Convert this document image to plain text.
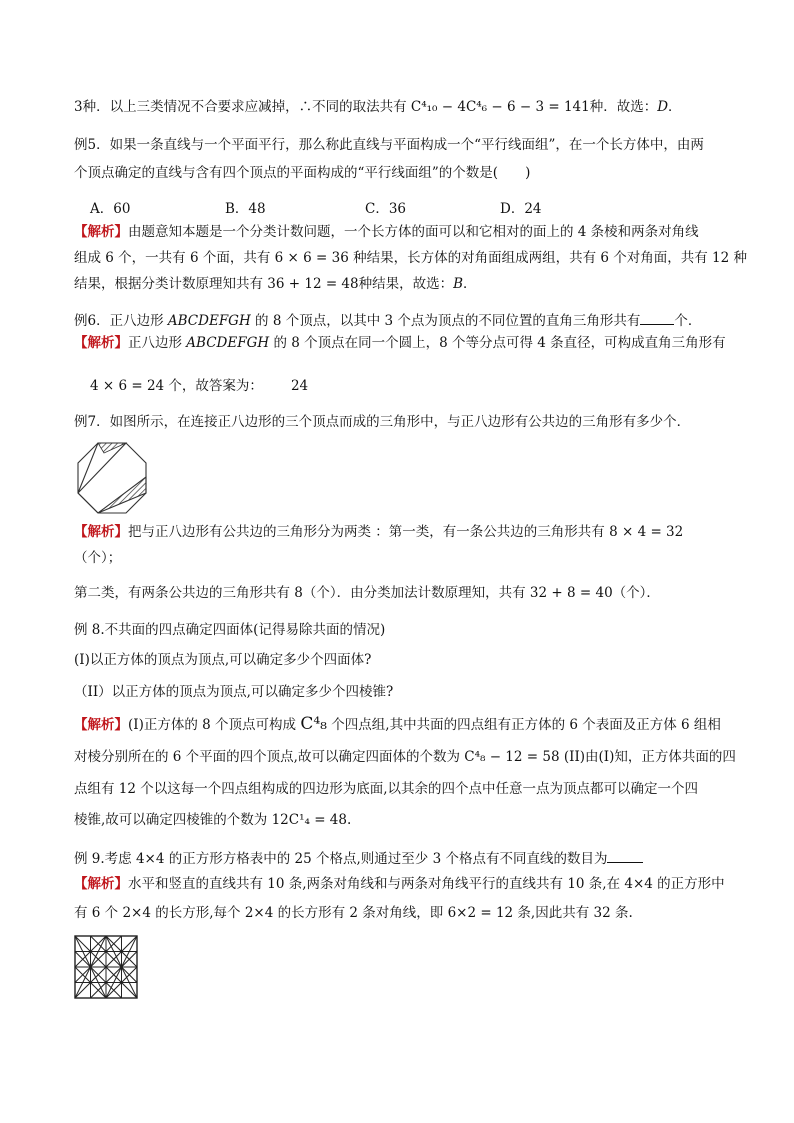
3种．以上三类情况不合要求应减掉，∴不同的取法共有 C⁴₁₀ − 4C⁴₆ − 6 − 3 = 141种．故选：D．
例5．如果一条直线与一个平面平行，那么称此直线与平面构成一个“平行线面组”，在一个长方体中，由两
个顶点确定的直线与含有四个顶点的平面构成的“平行线面组”的个数是(　　)
A．60	B．48	C．36	D．24
【解析】由题意知本题是一个分类计数问题，一个长方体的面可以和它相对的面上的 4 条棱和两条对角线
组成 6 个，一共有 6 个面，共有 6 × 6 = 36 种结果，长方体的对角面组成两组，共有 6 个对角面，共有 12 种
结果，根据分类计数原理知共有 36 + 12 = 48种结果，故选：B．
例6．正八边形 ABCDEFGH 的 8 个顶点，以其中 3 个点为顶点的不同位置的直角三角形共有	个．
【解析】正八边形 ABCDEFGH 的 8 个顶点在同一个圆上，8 个等分点可得 4 条直径，可构成直角三角形有
4 × 6 = 24 个，故答案为： 24
例7．如图所示，在连接正八边形的三个顶点而成的三角形中，与正八边形有公共边的三角形有多少个．
【解析】把与正八边形有公共边的三角形分为两类 ：第一类，有一条公共边的三角形共有 8 × 4 = 32
（个）；
第二类，有两条公共边的三角形共有 8（个）．由分类加法计数原理知，共有 32 + 8 = 40（个）．
例 8.不共面的四点确定四面体(记得易除共面的情况)
(I)以正方体的顶点为顶点,可以确定多少个四面体?
（II）以正方体的顶点为顶点,可以确定多少个四棱锥?
【解析】(I)正方体的 8 个顶点可构成 C⁴₈ 个四点组,其中共面的四点组有正方体的 6 个表面及正方体 6 组相
对棱分别所在的 6 个平面的四个顶点,故可以确定四面体的个数为 C⁴₈ − 12 = 58 (II)由(I)知，正方体共面的四
点组有 12 个以这每一个四点组构成的四边形为底面,以其余的四个点中任意一点为顶点都可以确定一个四
棱锥,故可以确定四棱锥的个数为 12C¹₄ = 48.
例 9.考虑 4×4 的正方形方格表中的 25 个格点,则通过至少 3 个格点有不同直线的数目为
【解析】水平和竖直的直线共有 10 条,两条对角线和与两条对角线平行的直线共有 10 条,在 4×4 的正方形中
有 6 个 2×4 的长方形,每个 2×4 的长方形有 2 条对角线，即 6×2 = 12 条,因此共有 32 条.
